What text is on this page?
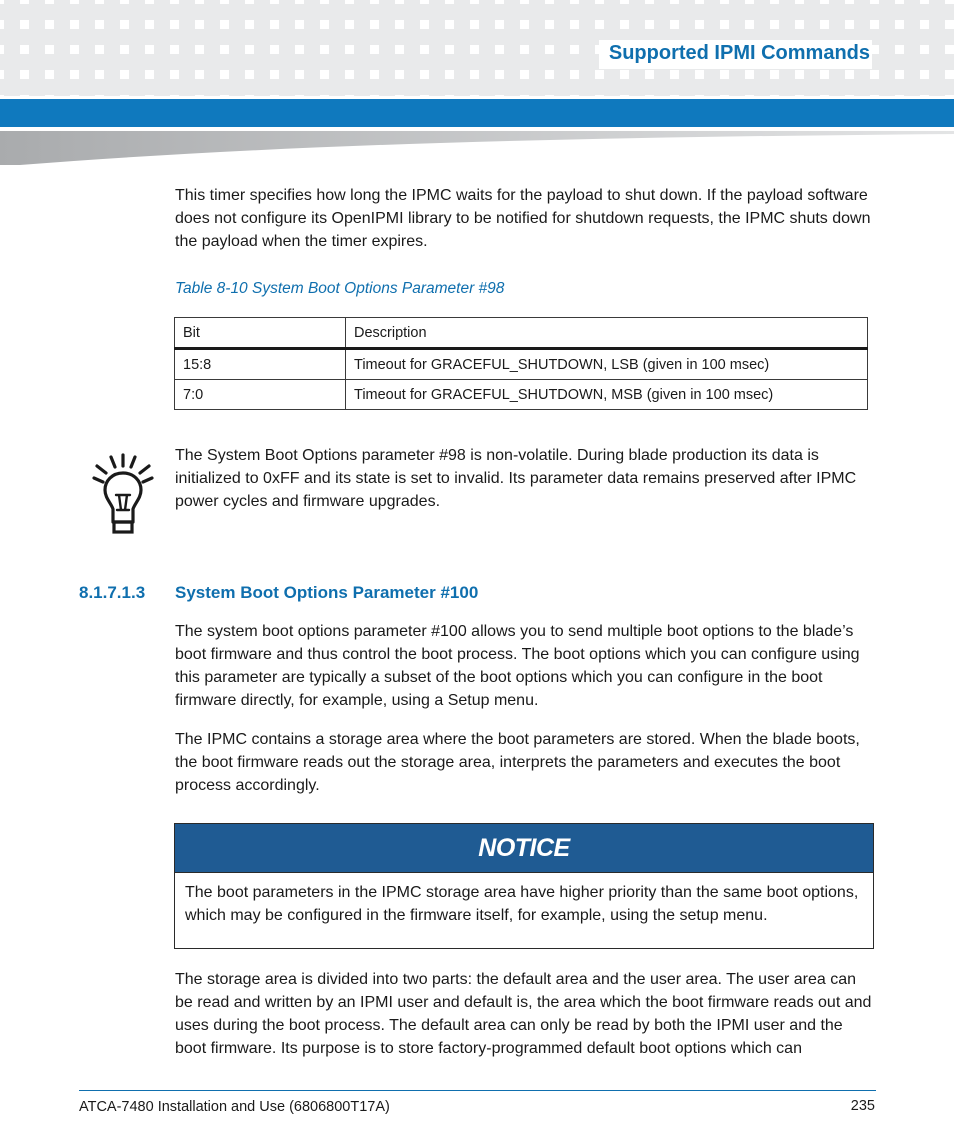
Supported IPMI Commands

This timer specifies how long the IPMC waits for the payload to shut down. If the payload software does not configure its OpenIPMI library to be notified for shutdown requests, the IPMC shuts down the payload when the timer expires.

Table 8-10 System Boot Options Parameter #98
Bit	Description
15:8	Timeout for GRACEFUL_SHUTDOWN, LSB (given in 100 msec)
7:0	Timeout for GRACEFUL_SHUTDOWN, MSB (given in 100 msec)

The System Boot Options parameter #98 is non-volatile. During blade production its data is initialized to 0xFF and its state is set to invalid. Its parameter data remains preserved after IPMC power cycles and firmware upgrades.

8.1.7.1.3 System Boot Options Parameter #100

The system boot options parameter #100 allows you to send multiple boot options to the blade’s boot firmware and thus control the boot process. The boot options which you can configure using this parameter are typically a subset of the boot options which you can configure in the boot firmware directly, for example, using a Setup menu.

The IPMC contains a storage area where the boot parameters are stored. When the blade boots, the boot firmware reads out the storage area, interprets the parameters and executes the boot process accordingly.

NOTICE
The boot parameters in the IPMC storage area have higher priority than the same boot options, which may be configured in the firmware itself, for example, using the setup menu.

The storage area is divided into two parts: the default area and the user area. The user area can be read and written by an IPMI user and default is, the area which the boot firmware reads out and uses during the boot process. The default area can only be read by both the IPMI user and the boot firmware. Its purpose is to store factory-programmed default boot options which can

ATCA-7480 Installation and Use (6806800T17A)	235
